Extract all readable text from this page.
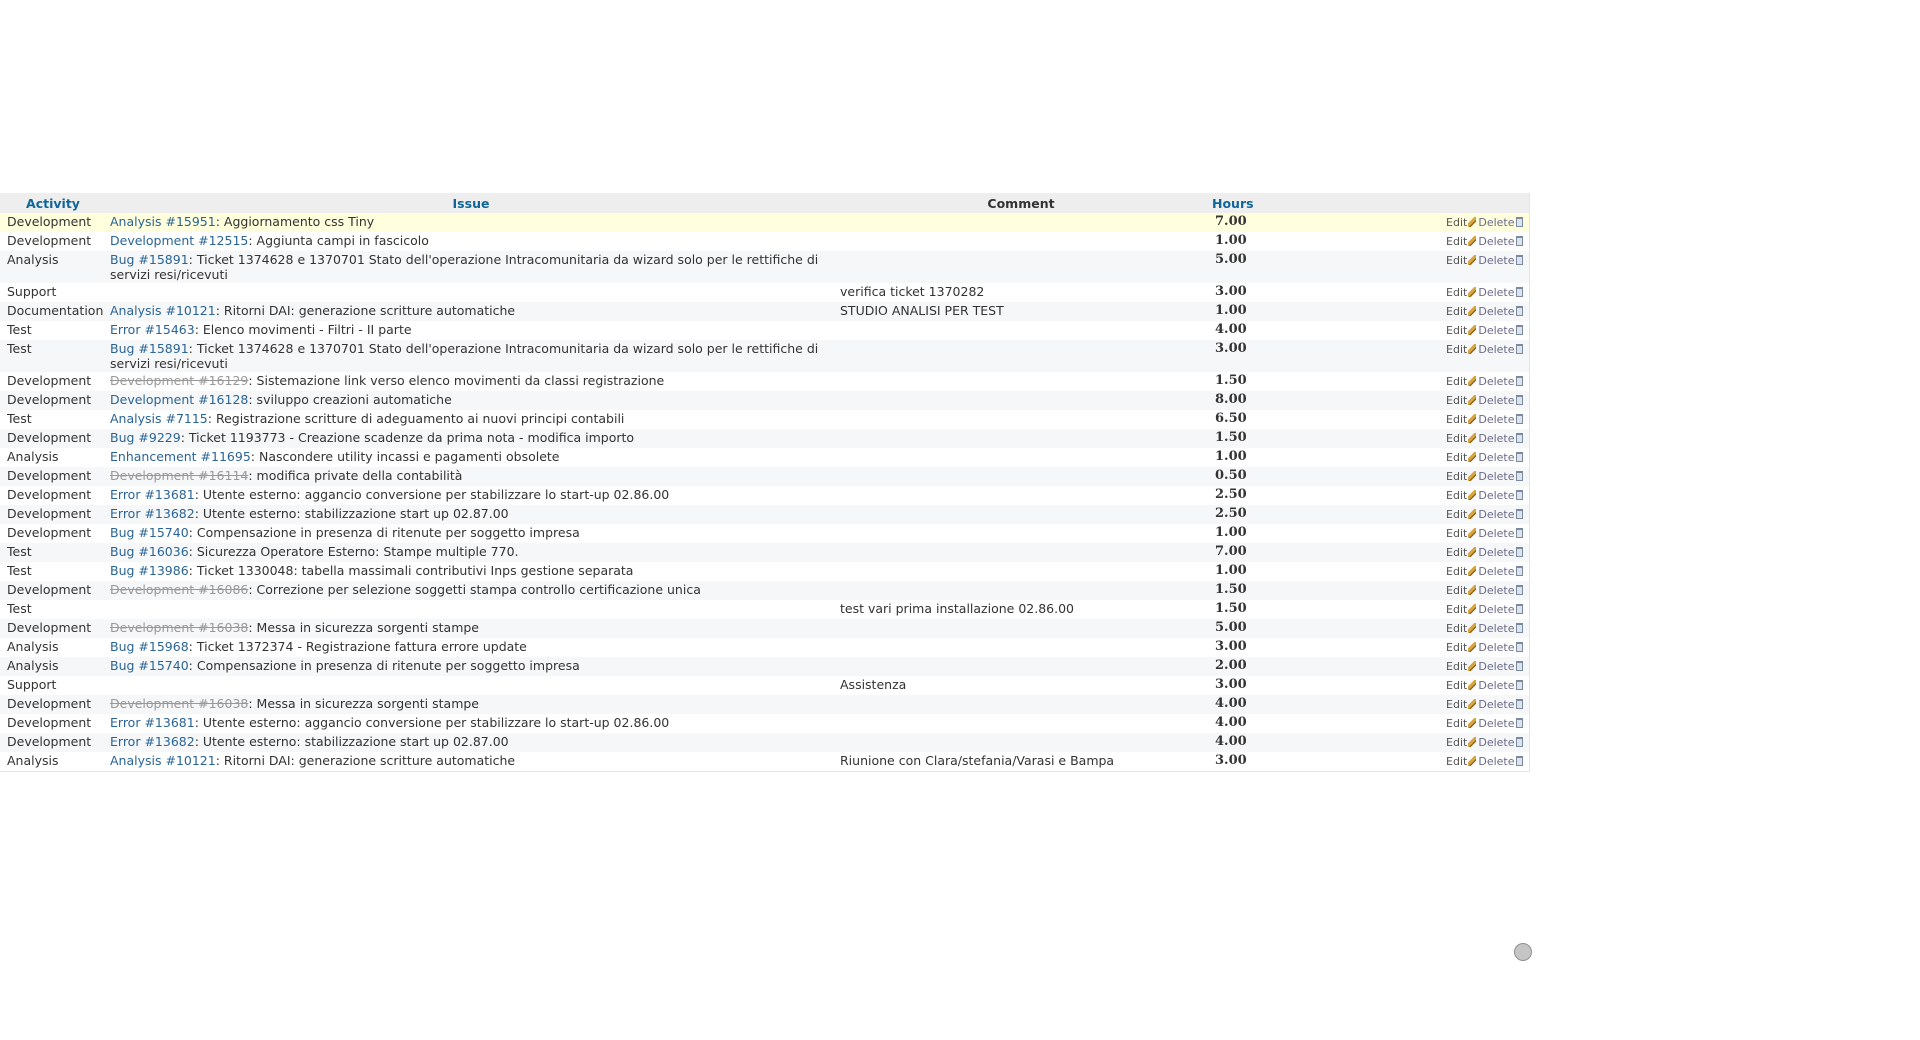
Activity	Issue	Comment	Hours	
Development	Analysis #15951: Aggiornamento css Tiny		7.00	Edit Delete
Development	Development #12515: Aggiunta campi in fascicolo		1.00	Edit Delete
Analysis	Bug #15891: Ticket 1374628 e 1370701 Stato dell'operazione Intracomunitaria da wizard solo per le rettifiche di servizi resi/ricevuti		5.00	Edit Delete
Support		verifica ticket 1370282	3.00	Edit Delete
Documentation	Analysis #10121: Ritorni DAI: generazione scritture automatiche	STUDIO ANALISI PER TEST	1.00	Edit Delete
Test	Error #15463: Elenco movimenti - Filtri - II parte		4.00	Edit Delete
Test	Bug #15891: Ticket 1374628 e 1370701 Stato dell'operazione Intracomunitaria da wizard solo per le rettifiche di servizi resi/ricevuti		3.00	Edit Delete
Development	Development #16129: Sistemazione link verso elenco movimenti da classi registrazione		1.50	Edit Delete
Development	Development #16128: sviluppo creazioni automatiche		8.00	Edit Delete
Test	Analysis #7115: Registrazione scritture di adeguamento ai nuovi principi contabili		6.50	Edit Delete
Development	Bug #9229: Ticket 1193773 - Creazione scadenze da prima nota - modifica importo		1.50	Edit Delete
Analysis	Enhancement #11695: Nascondere utility incassi e pagamenti obsolete		1.00	Edit Delete
Development	Development #16114: modifica private della contabilità		0.50	Edit Delete
Development	Error #13681: Utente esterno: aggancio conversione per stabilizzare lo start-up 02.86.00		2.50	Edit Delete
Development	Error #13682: Utente esterno: stabilizzazione start up 02.87.00		2.50	Edit Delete
Development	Bug #15740: Compensazione in presenza di ritenute per soggetto impresa		1.00	Edit Delete
Test	Bug #16036: Sicurezza Operatore Esterno: Stampe multiple 770.		7.00	Edit Delete
Test	Bug #13986: Ticket 1330048: tabella massimali contributivi Inps gestione separata		1.00	Edit Delete
Development	Development #16086: Correzione per selezione soggetti stampa controllo certificazione unica		1.50	Edit Delete
Test		test vari prima installazione 02.86.00	1.50	Edit Delete
Development	Development #16038: Messa in sicurezza sorgenti stampe		5.00	Edit Delete
Analysis	Bug #15968: Ticket 1372374 - Registrazione fattura errore update		3.00	Edit Delete
Analysis	Bug #15740: Compensazione in presenza di ritenute per soggetto impresa		2.00	Edit Delete
Support		Assistenza	3.00	Edit Delete
Development	Development #16038: Messa in sicurezza sorgenti stampe		4.00	Edit Delete
Development	Error #13681: Utente esterno: aggancio conversione per stabilizzare lo start-up 02.86.00		4.00	Edit Delete
Development	Error #13682: Utente esterno: stabilizzazione start up 02.87.00		4.00	Edit Delete
Analysis	Analysis #10121: Ritorni DAI: generazione scritture automatiche	Riunione con Clara/stefania/Varasi e Bampa	3.00	Edit Delete
